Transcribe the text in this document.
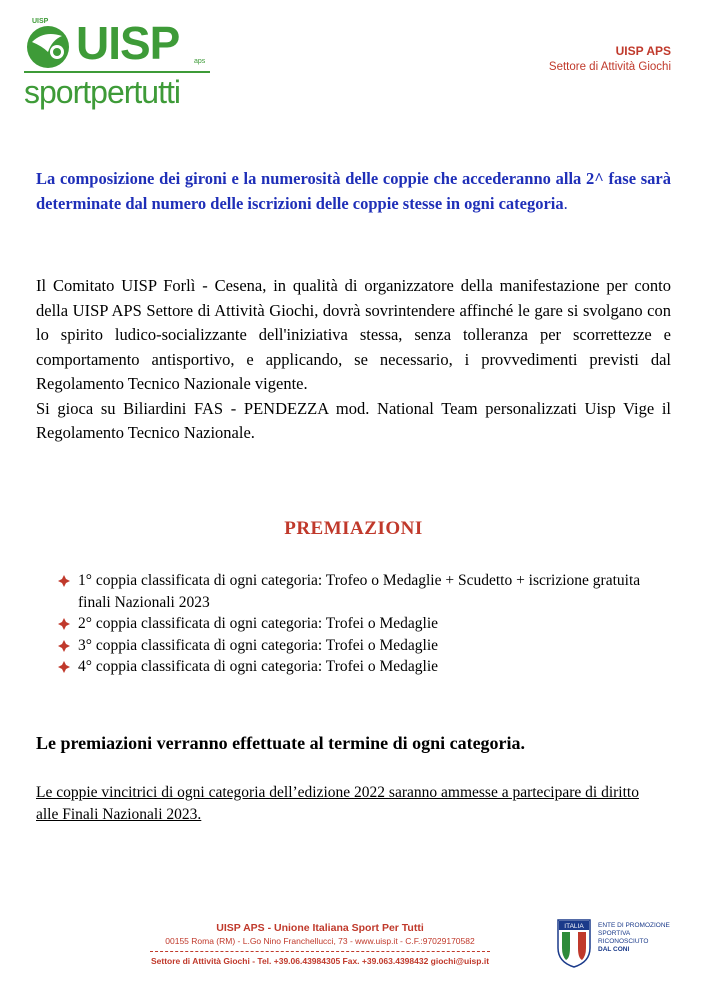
UISP UISP aps
sportpertutti
UISP APS
Settore di Attività Giochi
La composizione dei gironi e la numerosità delle coppie che accederanno alla 2^ fase sarà determinate dal numero delle iscrizioni delle coppie stesse in ogni categoria.
Il Comitato UISP Forlì - Cesena, in qualità di organizzatore della manifestazione per conto della UISP APS Settore di Attività Giochi, dovrà sovrintendere affinché le gare si svolgano con lo spirito ludico-socializzante dell'iniziativa stessa, senza tolleranza per scorrettezze e comportamento antisportivo, e applicando, se necessario, i provvedimenti previsti dal Regolamento Tecnico Nazionale vigente.
Si gioca su Biliardini FAS - PENDEZZA mod. National Team personalizzati Uisp Vige il Regolamento Tecnico Nazionale.
PREMIAZIONI
1° coppia classificata di ogni categoria: Trofeo o Medaglie + Scudetto + iscrizione gratuita finali Nazionali 2023
2° coppia classificata di ogni categoria: Trofei o Medaglie
3° coppia classificata di ogni categoria: Trofei o Medaglie
4° coppia classificata di ogni categoria: Trofei o Medaglie
Le premiazioni verranno effettuate al termine di ogni categoria.
Le coppie vincitrici di ogni categoria dell’edizione 2022 saranno ammesse a partecipare di diritto alle Finali Nazionali 2023.
UISP APS - Unione Italiana Sport Per Tutti
00155 Roma (RM) - L.Go Nino Franchellucci, 73 - www.uisp.it - C.F.:97029170582
Settore di Attività Giochi - Tel. +39.06.43984305 Fax. +39.063.4398432 giochi@uisp.it
ITALIA ENTE DI PROMOZIONE
SPORTIVA
RICONOSCIUTO
DAL CONI
